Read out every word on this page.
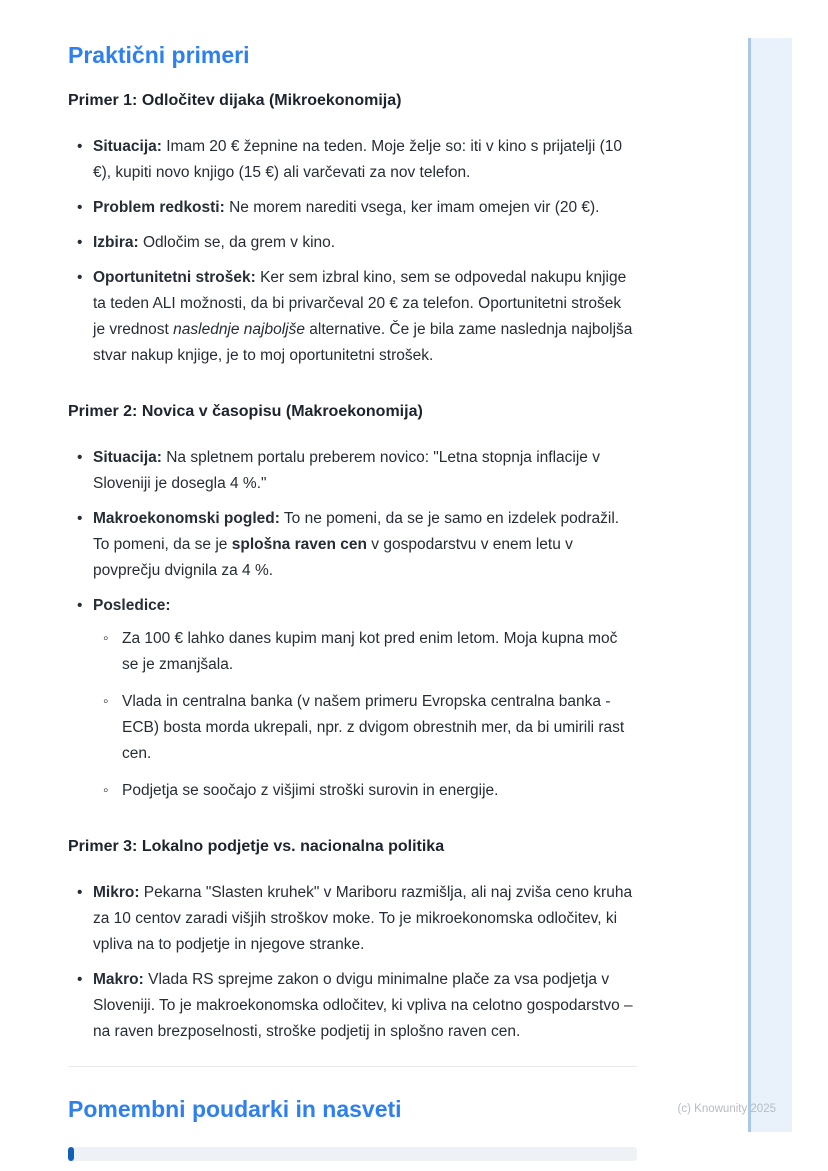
Praktični primeri
Primer 1: Odločitev dijaka (Mikroekonomija)
• Situacija: Imam 20 € žepnine na teden. Moje želje so: iti v kino s prijatelji (10 €), kupiti novo knjigo (15 €) ali varčevati za nov telefon.
• Problem redkosti: Ne morem narediti vsega, ker imam omejen vir (20 €).
• Izbira: Odločim se, da grem v kino.
• Oportunitetni strošek: Ker sem izbral kino, sem se odpovedal nakupu knjige ta teden ALI možnosti, da bi privarčeval 20 € za telefon. Oportunitetni strošek je vrednost naslednje najboljše alternative. Če je bila zame naslednja najboljša stvar nakup knjige, je to moj oportunitetni strošek.
Primer 2: Novica v časopisu (Makroekonomija)
• Situacija: Na spletnem portalu preberem novico: "Letna stopnja inflacije v Sloveniji je dosegla 4 %."
• Makroekonomski pogled: To ne pomeni, da se je samo en izdelek podražil. To pomeni, da se je splošna raven cen v gospodarstvu v enem letu v povprečju dvignila za 4 %.
• Posledice:
◦ Za 100 € lahko danes kupim manj kot pred enim letom. Moja kupna moč se je zmanjšala.
◦ Vlada in centralna banka (v našem primeru Evropska centralna banka - ECB) bosta morda ukrepali, npr. z dvigom obrestnih mer, da bi umirili rast cen.
◦ Podjetja se soočajo z višjimi stroški surovin in energije.
Primer 3: Lokalno podjetje vs. nacionalna politika
• Mikro: Pekarna "Slasten kruhek" v Mariboru razmišlja, ali naj zviša ceno kruha za 10 centov zaradi višjih stroškov moke. To je mikroekonomska odločitev, ki vpliva na to podjetje in njegove stranke.
• Makro: Vlada RS sprejme zakon o dvigu minimalne plače za vsa podjetja v Sloveniji. To je makroekonomska odločitev, ki vpliva na celotno gospodarstvo – na raven brezposelnosti, stroške podjetij in splošno raven cen.
Pomembni poudarki in nasveti	(c) Knowunity 2025
